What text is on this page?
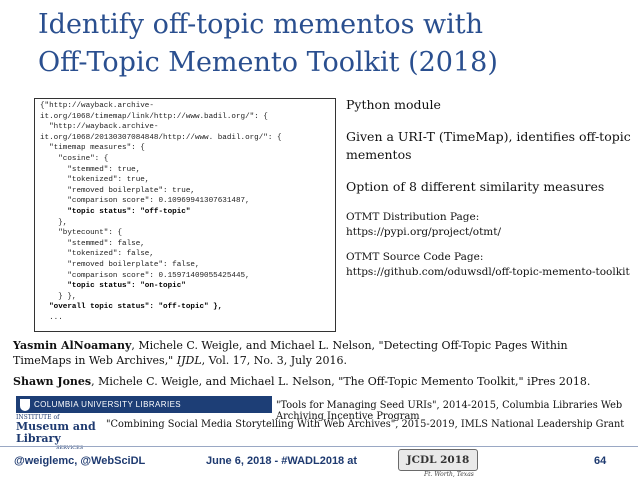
Identify off-topic mementos with
Off-Topic Memento Toolkit (2018)
{"http://wayback.archive-
it.org/1068/timemap/link/http://www.badil.org/": {
"http://wayback.archive-
it.org/1068/20130307084848/http://www. badil.org/": {
"timemap measures": {
"cosine": {
"stemmed": true,
"tokenized": true,
"removed boilerplate": true,
"comparison score": 0.10969941307631487,
"topic status": "off-topic"
},
"bytecount": {
"stemmed": false,
"tokenized": false,
"removed boilerplate": false,
"comparison score": 0.15971409055425445,
"topic status": "on-topic"
} },
"overall topic status": "off-topic" },
...

Python module

Given a URI-T (TimeMap), identifies off-topic mementos

Option of 8 different similarity measures

OTMT Distribution Page:
https://pypi.org/project/otmt/

OTMT Source Code Page:
https://github.com/oduwsdl/off-topic-memento-toolkit

Yasmin AlNoamany, Michele C. Weigle, and Michael L. Nelson, "Detecting Off-Topic Pages Within TimeMaps in Web Archives," IJDL, Vol. 17, No. 3, July 2016.
Shawn Jones, Michele C. Weigle, and Michael L. Nelson, "The Off-Topic Memento Toolkit," iPres 2018.
COLUMBIA UNIVERSITY LIBRARIES	"Tools for Managing Seed URIs", 2014-2015, Columbia Libraries Web Archiving Incentive Program
INSTITUTE of
Museum and Library
SERVICES
"Combining Social Media Storytelling With Web Archives", 2015-2019, IMLS National Leadership Grant
@weiglemc, @WebSciDL	June 6, 2018 - #WADL2018 at	JCDL 2018
Ft. Worth, Texas
64
